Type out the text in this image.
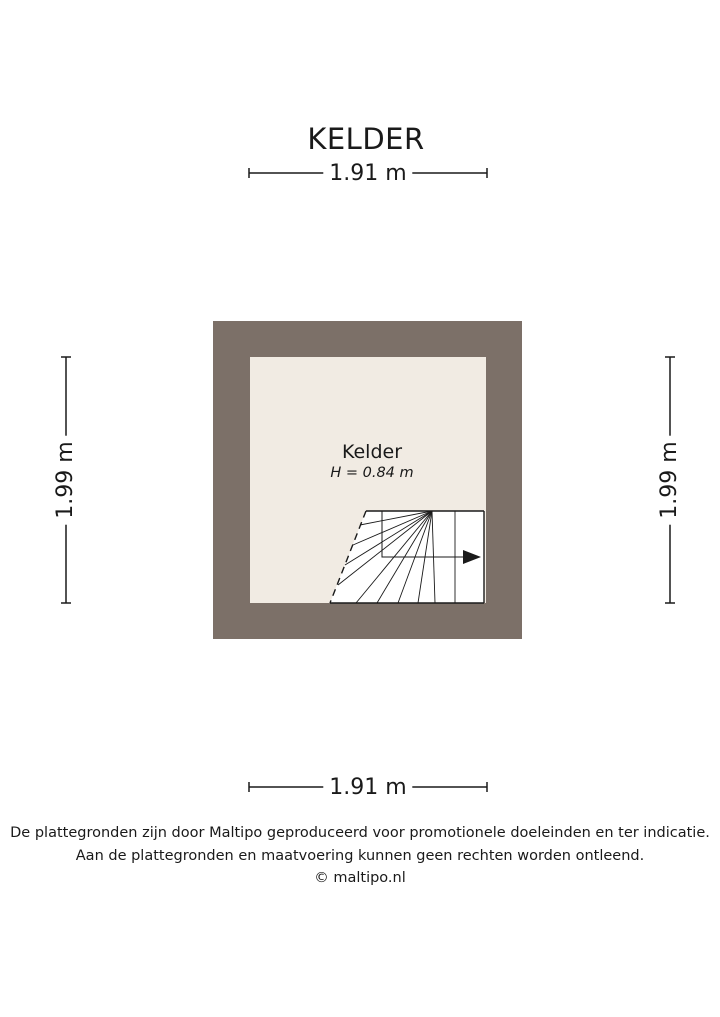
KELDER
1.91 m
1.91 m
1.99 m	1.99 m
Kelder
H = 0.84 m
De plattegronden zijn door Maltipo geproduceerd voor promotionele doeleinden en ter indicatie.
Aan de plattegronden en maatvoering kunnen geen rechten worden ontleend.
© maltipo.nl
